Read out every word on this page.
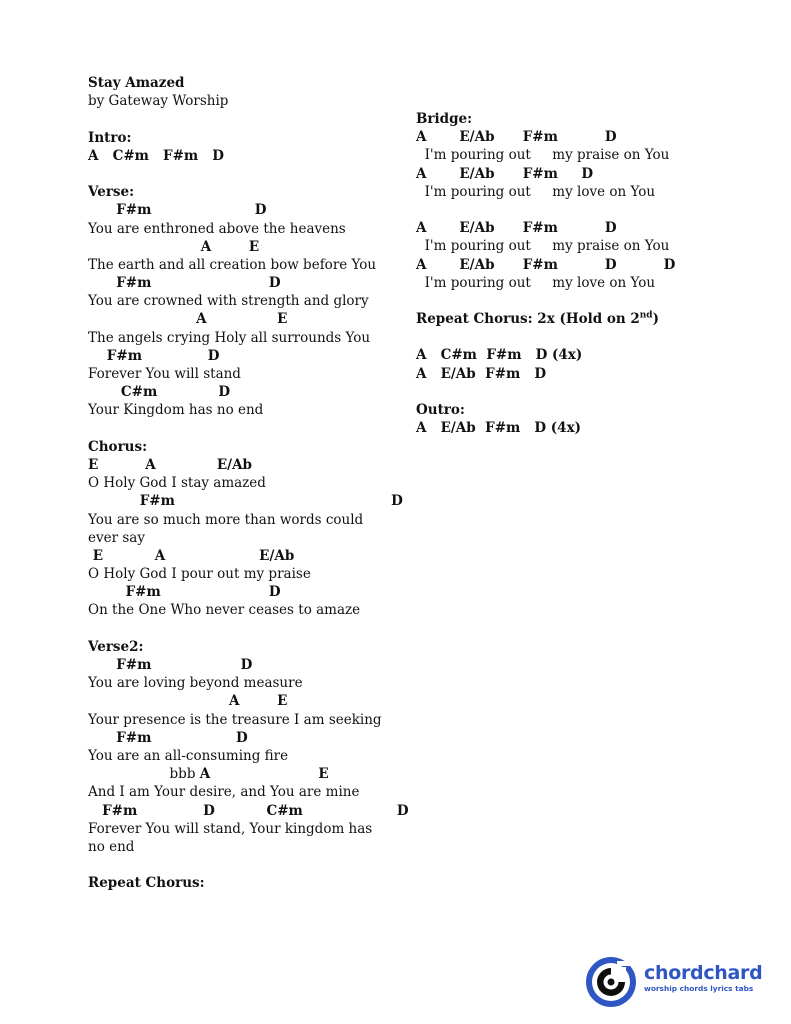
Stay Amazed
by Gateway Worship
Intro:
A   C#m   F#m   D
Verse:
F#m                      D
You are enthroned above the heavens
A        E
The earth and all creation bow before You
F#m                         D
You are crowned with strength and glory
A               E
The angels crying Holy all surrounds You
F#m              D
Forever You will stand
C#m             D
Your Kingdom has no end
Chorus:
E          A             E/Ab
O Holy God I stay amazed
F#m                                              D
You are so much more than words could
ever say
E           A                    E/Ab
O Holy God I pour out my praise
F#m                       D
On the One Who never ceases to amaze
Verse2:
F#m                   D
You are loving beyond measure
A        E
Your presence is the treasure I am seeking
F#m                  D
You are an all-consuming fire
bbb A                       E
And I am Your desire, and You are mine
F#m              D           C#m                    D
Forever You will stand, Your kingdom has
no end
Repeat Chorus:
Bridge:
A       E/Ab      F#m          D
I'm pouring out     my praise on You
A       E/Ab      F#m     D
I'm pouring out     my love on You
A       E/Ab      F#m          D
I'm pouring out     my praise on You
A       E/Ab      F#m          D          D
I'm pouring out     my love on You
Repeat Chorus: 2x (Hold on 2nd)
A   C#m  F#m   D (4x)
A   E/Ab  F#m   D
Outro:
A   E/Ab  F#m   D (4x)
chordchard
worship chords lyrics tabs
